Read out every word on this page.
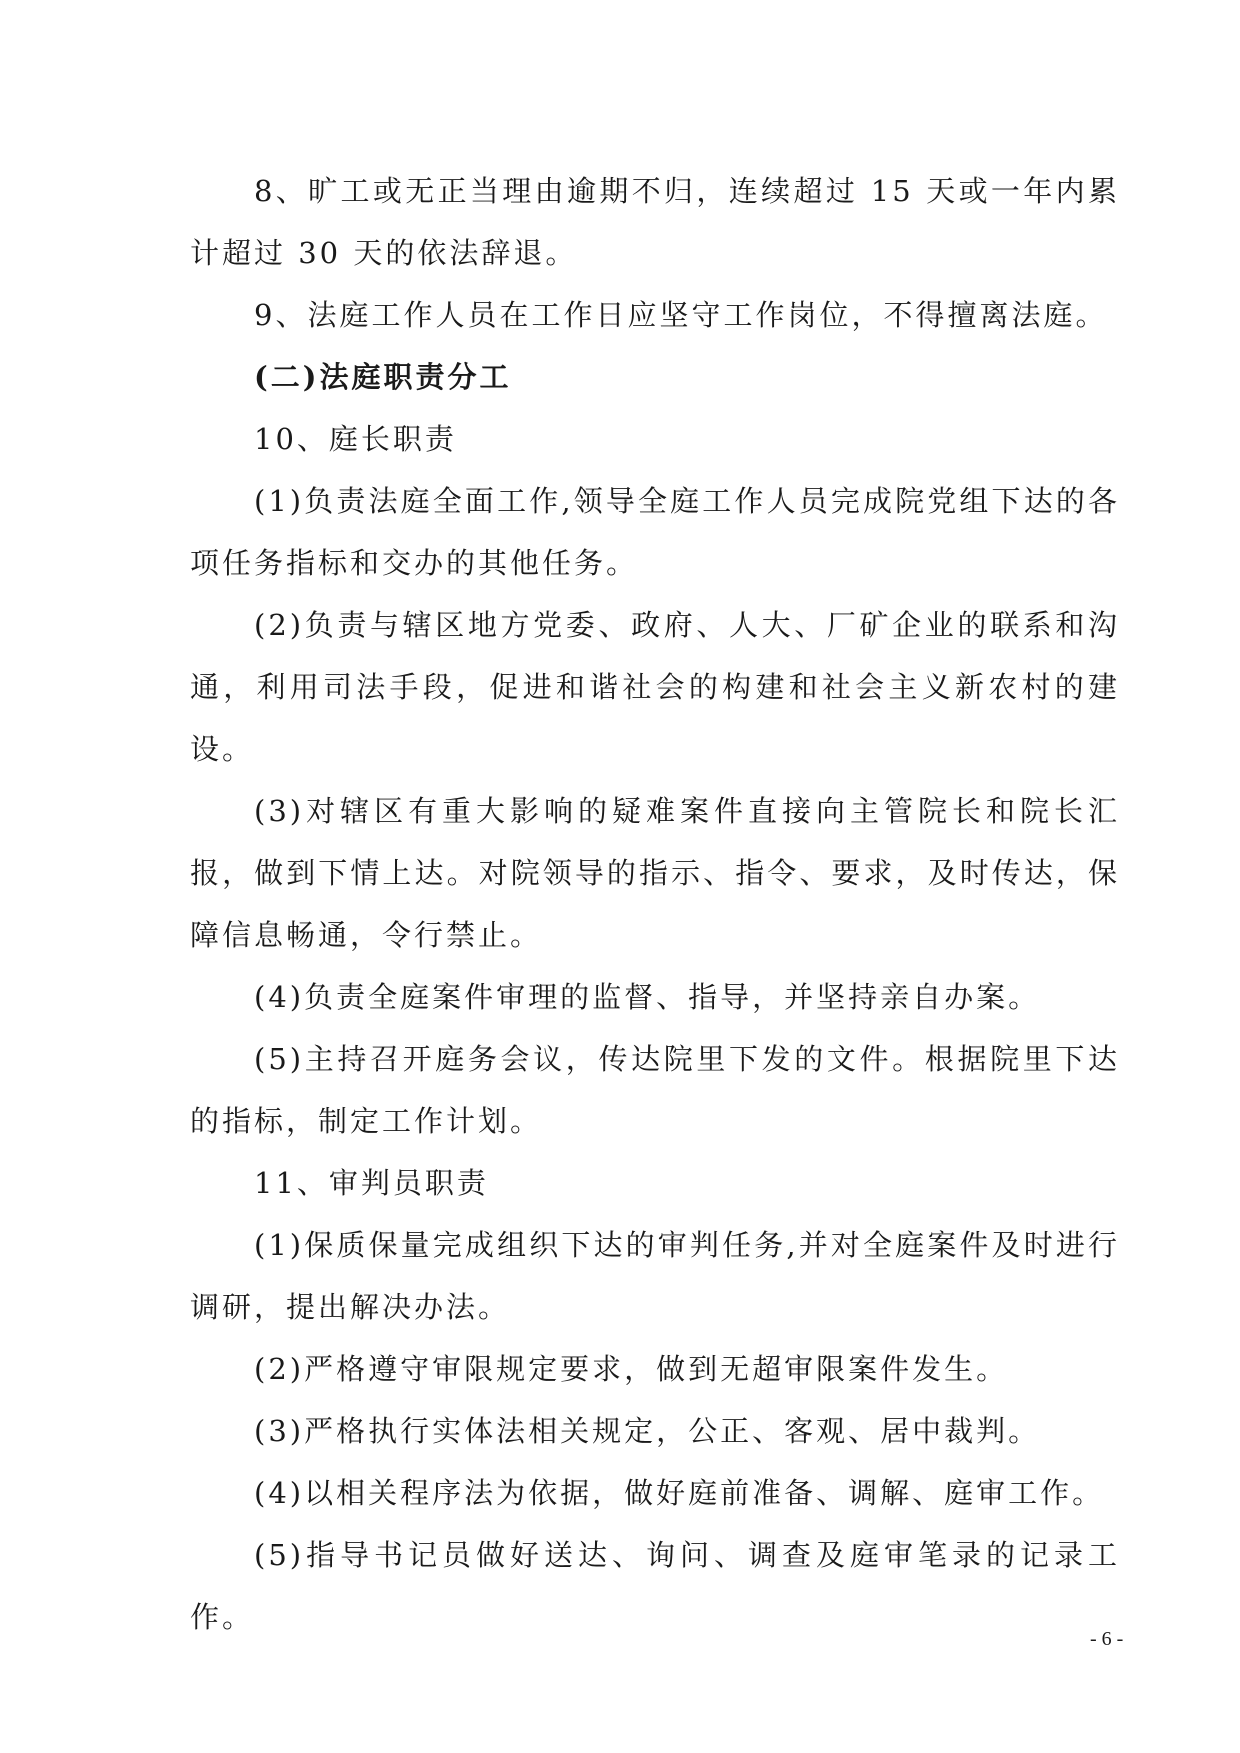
8、旷工或无正当理由逾期不归，连续超过 15 天或一年内累计超过 30 天的依法辞退。

9、法庭工作人员在工作日应坚守工作岗位，不得擅离法庭。

(二)法庭职责分工

10、庭长职责

(1)负责法庭全面工作,领导全庭工作人员完成院党组下达的各项任务指标和交办的其他任务。

(2)负责与辖区地方党委、政府、人大、厂矿企业的联系和沟通，利用司法手段，促进和谐社会的构建和社会主义新农村的建设。

(3)对辖区有重大影响的疑难案件直接向主管院长和院长汇报，做到下情上达。对院领导的指示、指令、要求，及时传达，保障信息畅通，令行禁止。

(4)负责全庭案件审理的监督、指导，并坚持亲自办案。

(5)主持召开庭务会议，传达院里下发的文件。根据院里下达的指标，制定工作计划。

11、审判员职责

(1)保质保量完成组织下达的审判任务,并对全庭案件及时进行调研，提出解决办法。

(2)严格遵守审限规定要求，做到无超审限案件发生。

(3)严格执行实体法相关规定，公正、客观、居中裁判。

(4)以相关程序法为依据，做好庭前准备、调解、庭审工作。

(5)指导书记员做好送达、询问、调查及庭审笔录的记录工作。

- 6 -
